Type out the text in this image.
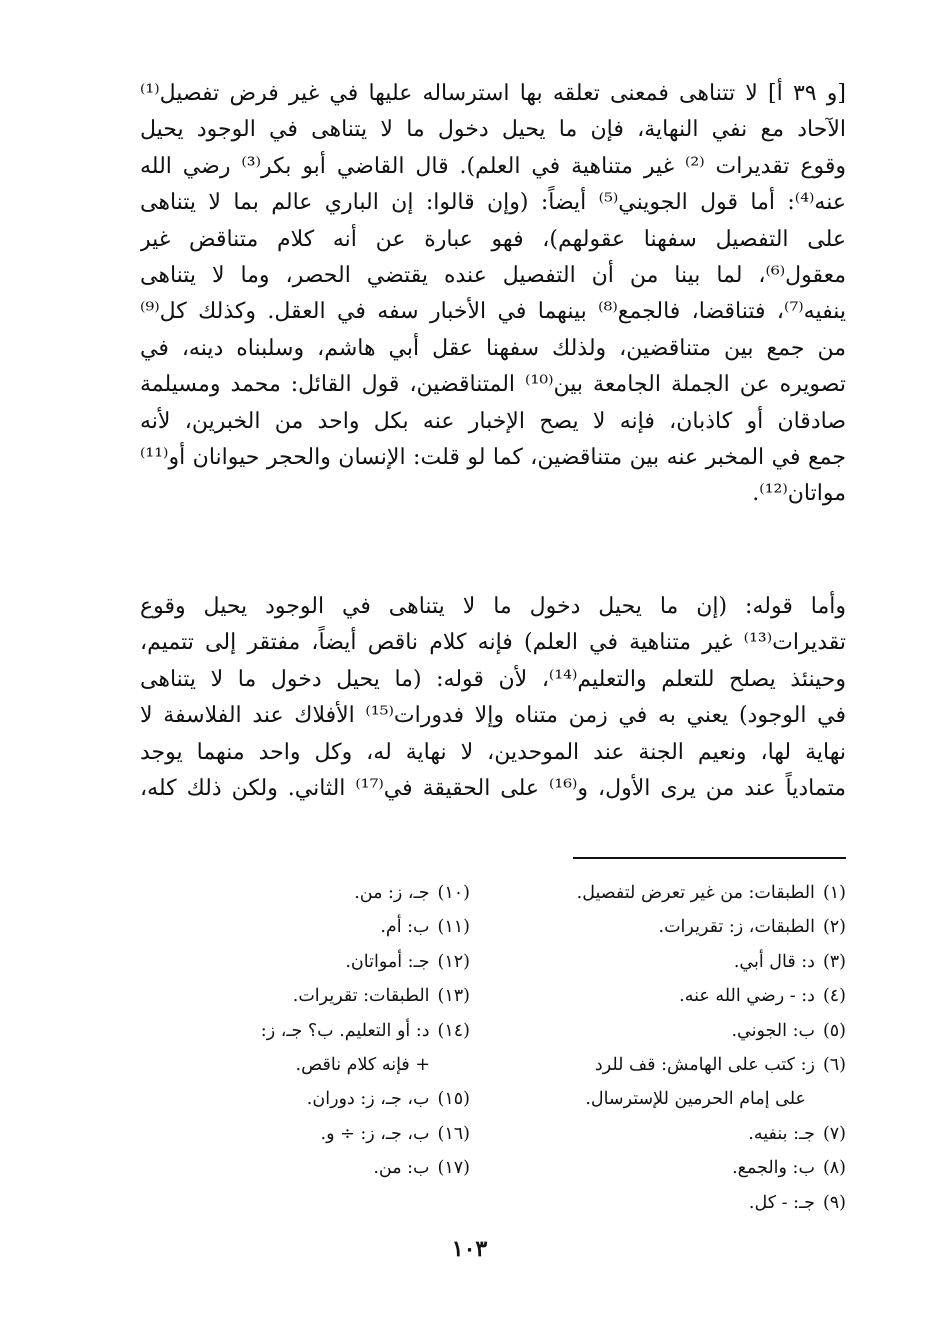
[و ٣٩ أ] لا تتناهى فمعنى تعلقه بها استرساله عليها في غير فرض تفصيل⁽¹⁾
الآحاد مع نفي النهاية، فإن ما يحيل دخول ما لا يتناهى في الوجود يحيل
وقوع تقديرات ⁽²⁾ غير متناهية في العلم). قال القاضي أبو بكر⁽³⁾ رضي الله
عنه⁽⁴⁾: أما قول الجويني⁽⁵⁾ أيضاً: (وإن قالوا: إن الباري عالم بما لا يتناهى
على التفصيل سفهنا عقولهم)، فهو عبارة عن أنه كلام متناقض غير
معقول⁽⁶⁾، لما بينا من أن التفصيل عنده يقتضي الحصر، وما لا يتناهى
ينفيه⁽⁷⁾، فتناقضا، فالجمع⁽⁸⁾ بينهما في الأخبار سفه في العقل. وكذلك كل⁽⁹⁾
من جمع بين متناقضين، ولذلك سفهنا عقل أبي هاشم، وسلبناه دينه، في
تصويره عن الجملة الجامعة بين⁽¹⁰⁾ المتناقضين، قول القائل: محمد ومسيلمة
صادقان أو كاذبان، فإنه لا يصح الإخبار عنه بكل واحد من الخبرين، لأنه
جمع في المخبر عنه بين متناقضين، كما لو قلت: الإنسان والحجر حيوانان أو⁽¹¹⁾
مواتان⁽¹²⁾.
وأما قوله: (إن ما يحيل دخول ما لا يتناهى في الوجود يحيل وقوع
تقديرات⁽¹³⁾ غير متناهية في العلم) فإنه كلام ناقص أيضاً، مفتقر إلى تتميم،
وحينئذ يصلح للتعلم والتعليم⁽¹⁴⁾، لأن قوله: (ما يحيل دخول ما لا يتناهى
في الوجود) يعني به في زمن متناه وإلا فدورات⁽¹⁵⁾ الأفلاك عند الفلاسفة لا
نهاية لها، ونعيم الجنة عند الموحدين، لا نهاية له، وكل واحد منهما يوجد
متمادياً عند من يرى الأول، و⁽¹⁶⁾ على الحقيقة في⁽¹⁷⁾ الثاني. ولكن ذلك كله،
(١)الطبقات: من غير تعرض لتفصيل.
(٢)الطبقات، ز: تقريرات.
(٣)د: قال أبي.
(٤)د: - رضي الله عنه.
(٥)ب: الجوني.
(٦)ز: كتب على الهامش: قف للرد
على إمام الحرمين للإسترسال.
(٧)جـ: بنفيه.
(٨)ب: والجمع.
(٩)جـ: - كل.
(١٠)جـ، ز: من.
(١١)ب: أم.
(١٢)جـ: أمواتان.
(١٣)الطبقات: تقريرات.
(١٤)د: أو التعليم. ب؟ جـ، ز:
+ فإنه كلام ناقص.
(١٥)ب، جـ، ز: دوران.
(١٦)ب، جـ، ز: ÷ و.
(١٧)ب: من.
١٠٣
